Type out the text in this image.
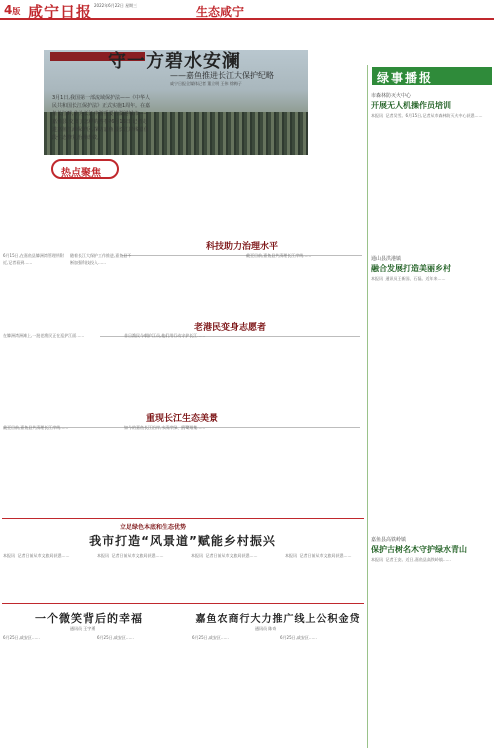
4版 咸宁日报 2022年6月22日 星期三	生态咸宁
守一方碧水安澜
——嘉鱼推进长江大保护纪略
咸宁日报全媒体记者 董立明 王伟 徐梅子
3月1日,我国第一部流域保护法——《中华人民共和国长江保护法》正式实施1周年。在嘉鱼长江畔,作为长江中游重要的湖港城市——嘉鱼县,交出了怎样的答卷?6月15日,记者走进嘉鱼江滩保护区,探访嘉鱼县长江岸线嘉鱼段生态修复治理成效。
热点聚焦
科技助力治理水平
6月15日,在嘉鱼县簰洲湾管理所附近,记者看到……
随着长江大保护工作推进,嘉鱼县不断加强科技投入……
老港民变身志愿者
在簰洲湾洲滩上,一批老渔民正在巡护江面……	昔日渔民今朝护江员,他们用行动守护长江……
重现长江生态美景
截至目前,嘉鱼县共清理长江岸线……	如今的嘉鱼长江沿岸,水清岸绿、鸥鹭翔集……
截至目前,嘉鱼县共清理长江岸线……
立足绿色本底和生态优势
我市打造“风景道”赋能乡村振兴
本报讯  记者日前从市文旅局获悉……	本报讯  记者日前从市文旅局获悉……	本报讯  记者日前从市文旅局获悉……	本报讯  记者日前从市文旅局获悉……
一个微笑背后的幸福
通讯员 王宇勇
6月25日,咸安区……	6月25日,咸安区……
嘉鱼农商行大力推广线上公积金贷
通讯员 陈奇
6月25日,咸安区……	6月25日,咸安区……
绿事播报
市森林防灭火中心
开展无人机操作员培训
本报讯  记者吴雪。6月15日,记者从市森林防灭火中心获悉……
通山县洪港镇
融合发展打造美丽乡村
本报讯  通讯员王新国、石磊。近年来……
嘉鱼县高铁岭镇
保护古树名木守护绿水青山
本报讯  记者王安。近日,嘉鱼县高铁岭镇……
